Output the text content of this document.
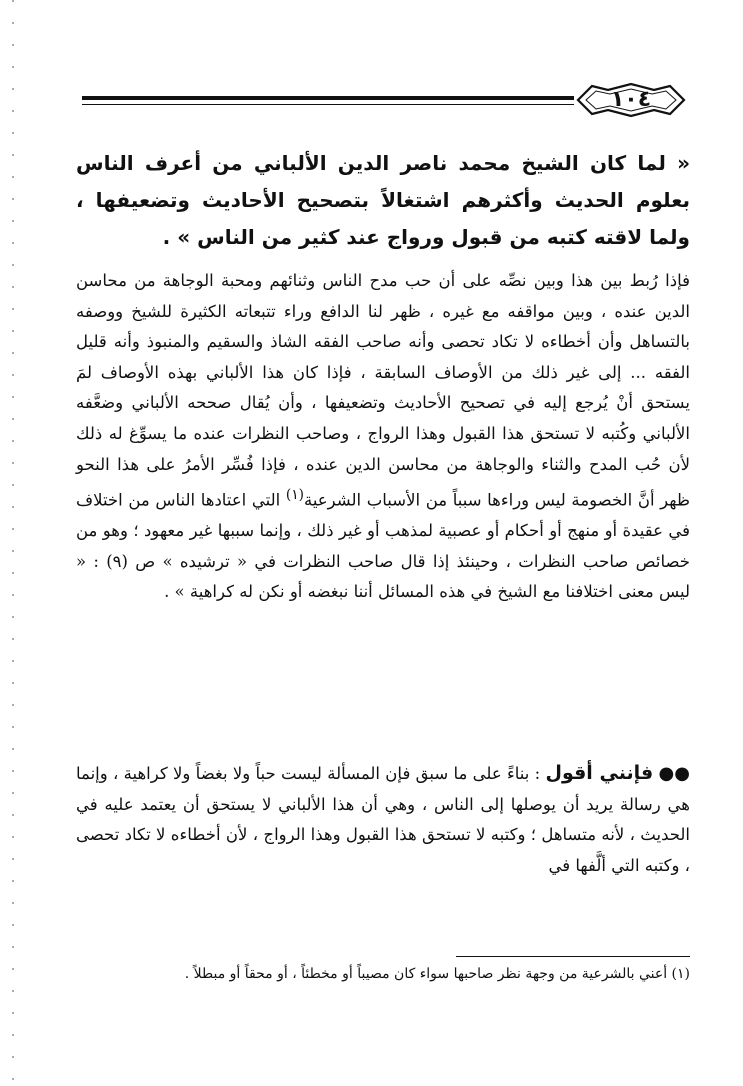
١٠٤
« لما كان الشيخ محمد ناصر الدين الألباني من أعرف الناس بعلوم الحديث وأكثرهم اشتغالاً بتصحيح الأحاديث وتضعيفها ، ولما لاقته كتبه من قبول ورواج عند كثير من الناس » .
فإذا رُبط بين هذا وبين نصِّه على أن حب مدح الناس وثنائهم ومحبة الوجاهة من محاسن الدين عنده ، وبين مواقفه مع غيره ، ظهر لنا الدافع وراء تتبعاته الكثيرة للشيخ ووصفه بالتساهل وأن أخطاءه لا تكاد تحصى وأنه صاحب الفقه الشاذ والسقيم والمنبوذ وأنه قليل الفقه ... إلى غير ذلك من الأوصاف السابقة ، فإذا كان هذا الألباني بهذه الأوصاف لمَ يستحق أنْ يُرجع إليه في تصحيح الأحاديث وتضعيفها ، وأن يُقال صححه الألباني وضعَّفه الألباني وكُتبه لا تستحق هذا القبول وهذا الرواج ، وصاحب النظرات عنده ما يسوِّغ له ذلك لأن حُب المدح والثناء والوجاهة من محاسن الدين عنده ، فإذا فُسِّر الأمرُ على هذا النحو ظهر أنَّ الخصومة ليس وراءها سبباً من الأسباب الشرعية$^{(١)}$ التي اعتادها الناس من اختلاف في عقيدة أو منهج أو أحكام أو عصبية لمذهب أو غير ذلك ، وإنما سببها غير معهود ؛ وهو من خصائص صاحب النظرات ، وحينئذ إذا قال صاحب النظرات في « ترشيده » ص (٩) : « ليس معنى اختلافنا مع الشيخ في هذه المسائل أننا نبغضه أو نكن له كراهية » .
●● فإنني أقول : بناءً على ما سبق فإن المسألة ليست حباً ولا بغضاً ولا كراهية ، وإنما هي رسالة يريد أن يوصلها إلى الناس ، وهي أن هذا الألباني لا يستحق أن يعتمد عليه في الحديث ، لأنه متساهل ؛ وكتبه لا تستحق هذا القبول وهذا الرواج ، لأن أخطاءه لا تكاد تحصى ، وكتبه التي ألَّفها في
(١) أعني بالشرعية من وجهة نظر صاحبها سواء كان مصيباً أو مخطئاً ، أو محقاً أو مبطلاً .
